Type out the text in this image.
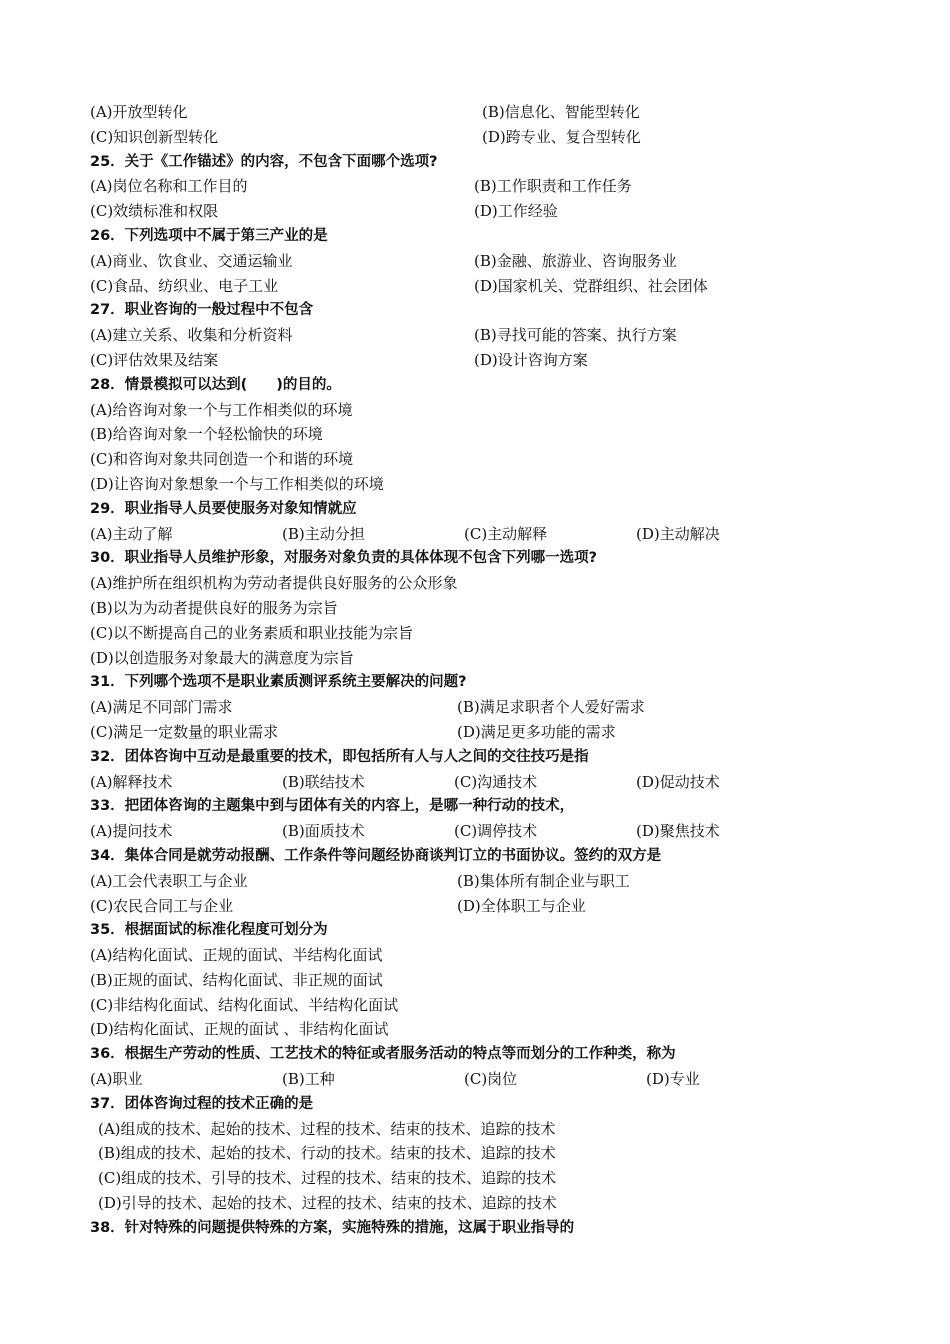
(A)开放型转化	(B)信息化、智能型转化
(C)知识创新型转化	(D)跨专业、复合型转化
25．关于《工作锚述》的内容，不包含下面哪个选项?
(A)岗位名称和工作目的	(B)工作职责和工作任务
(C)效绩标准和权限	(D)工作经验
26．下列选项中不属于第三产业的是
(A)商业、饮食业、交通运输业	(B)金融、旅游业、咨询服务业
(C)食品、纺织业、电子工业	(D)国家机关、党群组织、社会团体
27．职业咨询的一般过程中不包含
(A)建立关系、收集和分析资料	(B)寻找可能的答案、执行方案
(C)评估效果及结案	(D)设计咨询方案
28．情景模拟可以达到(　　)的目的。
(A)给咨询对象一个与工作相类似的环境
(B)给咨询对象一个轻松愉快的环境
(C)和咨询对象共同创造一个和谐的环境
(D)让咨询对象想象一个与工作相类似的环境
29．职业指导人员要使服务对象知情就应
(A)主动了解	(B)主动分担	(C)主动解释	(D)主动解决
30．职业指导人员维护形象，对服务对象负责的具体体现不包含下列哪一选项?
(A)维护所在组织机构为劳动者提供良好服务的公众形象
(B)以为为动者提供良好的服务为宗旨
(C)以不断提高自己的业务素质和职业技能为宗旨
(D)以创造服务对象最大的满意度为宗旨
31．下列哪个选项不是职业素质测评系统主要解决的问题?
(A)满足不同部门需求	(B)满足求职者个人爱好需求
(C)满足一定数量的职业需求	(D)满足更多功能的需求
32．团体咨询中互动是最重要的技术，即包括所有人与人之间的交往技巧是指
(A)解释技术	(B)联结技术	(C)沟通技术	(D)促动技术
33．把团体咨询的主题集中到与团体有关的内容上，是哪一种行动的技术，
(A)提问技术	(B)面质技术	(C)调停技术	(D)聚焦技术
34．集体合同是就劳动报酬、工作条件等问题经协商谈判订立的书面协议。签约的双方是
(A)工会代表职工与企业	(B)集体所有制企业与职工
(C)农民合同工与企业	(D)全体职工与企业
35．根据面试的标准化程度可划分为
(A)结构化面试、正规的面试、半结构化面试
(B)正规的面试、结构化面试、非正规的面试
(C)非结构化面试、结构化面试、半结构化面试
(D)结构化面试、正规的面试 、非结构化面试
36．根据生产劳动的性质、工艺技术的特征或者服务活动的特点等而划分的工作种类，称为
(A)职业	(B)工种	(C)岗位	(D)专业
37．团体咨询过程的技术正确的是
(A)组成的技术、起始的技术、过程的技术、结束的技术、追踪的技术
(B)组成的技术、起始的技术、行动的技术。结束的技术、追踪的技术
(C)组成的技术、引导的技术、过程的技术、结束的技术、追踪的技术
(D)引导的技术、起始的技术、过程的技术、结束的技术、追踪的技术
38．针对特殊的问题提供特殊的方案，实施特殊的措施，这属于职业指导的
